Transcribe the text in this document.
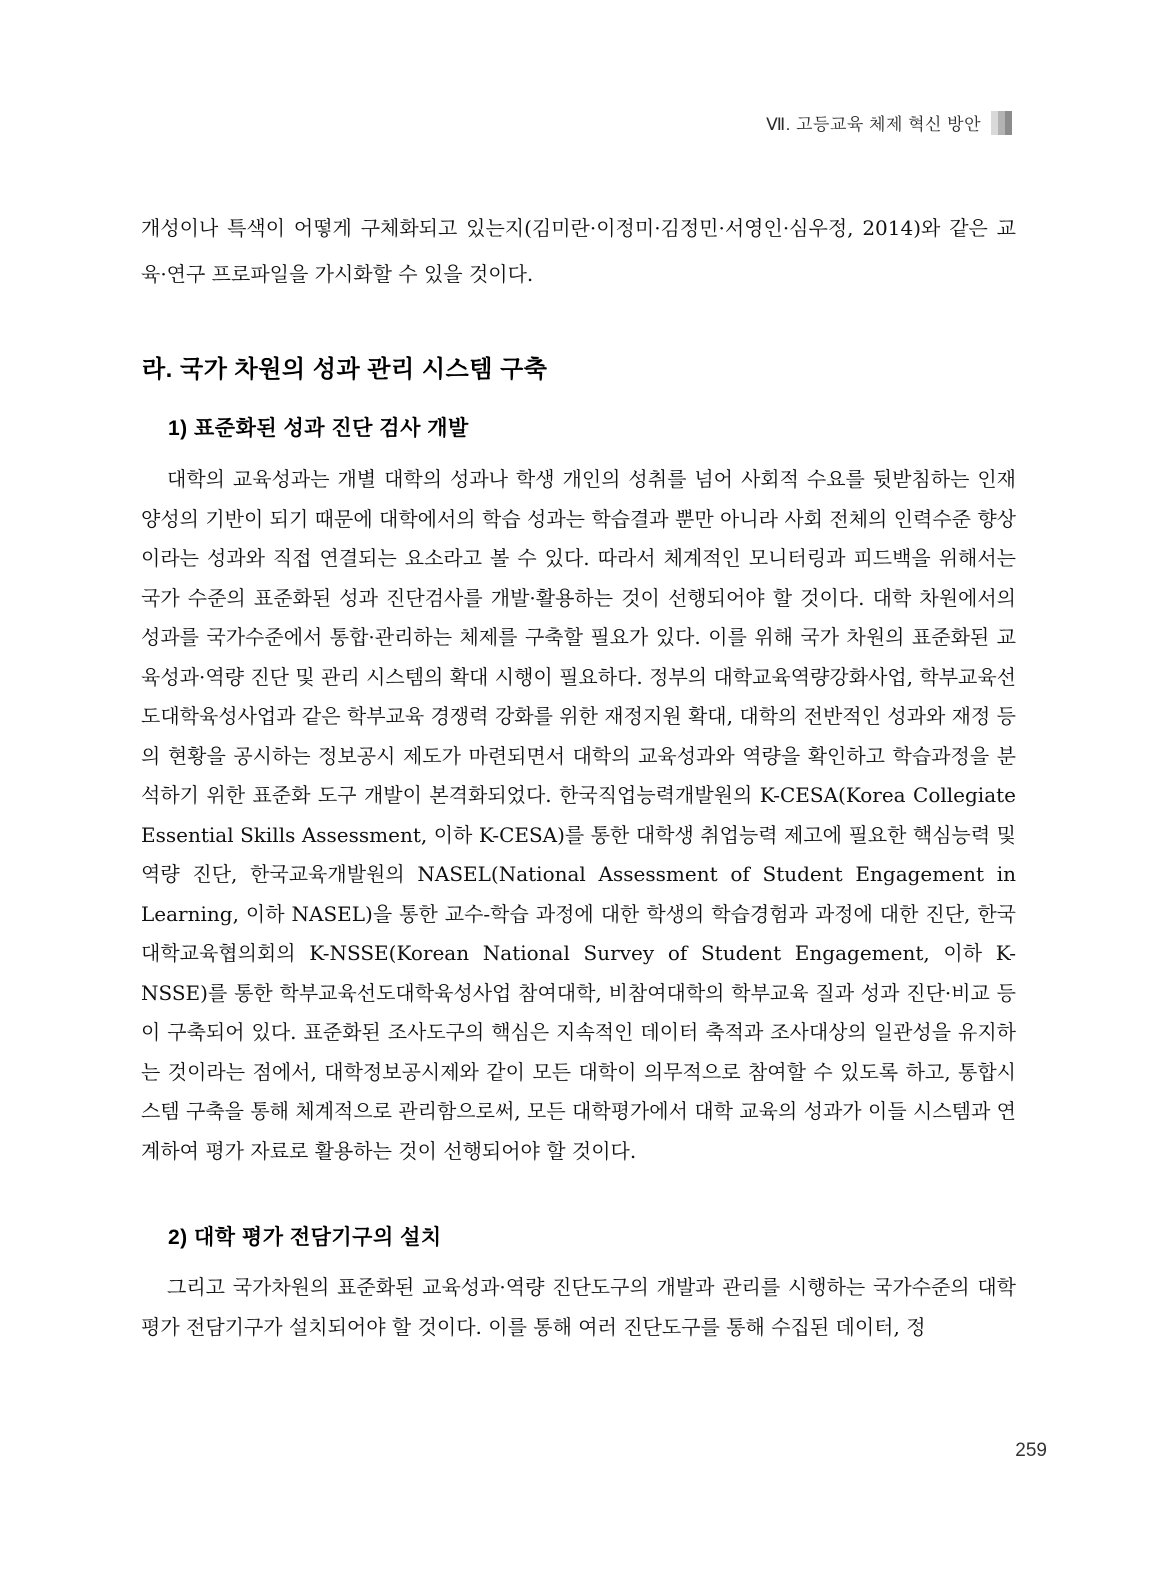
Ⅶ. 고등교육 체제 혁신 방안

개성이나 특색이 어떻게 구체화되고 있는지(김미란·이정미·김정민·서영인·심우정, 2014)와 같은 교육·연구 프로파일을 가시화할 수 있을 것이다.

라. 국가 차원의 성과 관리 시스템 구축
1) 표준화된 성과 진단 검사 개발

대학의 교육성과는 개별 대학의 성과나 학생 개인의 성취를 넘어 사회적 수요를 뒷받침하는 인재 양성의 기반이 되기 때문에 대학에서의 학습 성과는 학습결과 뿐만 아니라 사회 전체의 인력수준 향상이라는 성과와 직접 연결되는 요소라고 볼 수 있다. 따라서 체계적인 모니터링과 피드백을 위해서는 국가 수준의 표준화된 성과 진단검사를 개발·활용하는 것이 선행되어야 할 것이다. 대학 차원에서의 성과를 국가수준에서 통합·관리하는 체제를 구축할 필요가 있다. 이를 위해 국가 차원의 표준화된 교육성과·역량 진단 및 관리 시스템의 확대 시행이 필요하다. 정부의 대학교육역량강화사업, 학부교육선도대학육성사업과 같은 학부교육 경쟁력 강화를 위한 재정지원 확대, 대학의 전반적인 성과와 재정 등의 현황을 공시하는 정보공시 제도가 마련되면서 대학의 교육성과와 역량을 확인하고 학습과정을 분석하기 위한 표준화 도구 개발이 본격화되었다. 한국직업능력개발원의 K-CESA(Korea Collegiate Essential Skills Assessment, 이하 K-CESA)를 통한 대학생 취업능력 제고에 필요한 핵심능력 및 역량 진단, 한국교육개발원의 NASEL(National Assessment of Student Engagement in Learning, 이하 NASEL)을 통한 교수-학습 과정에 대한 학생의 학습경험과 과정에 대한 진단, 한국대학교육협의회의 K-NSSE(Korean National Survey of Student Engagement, 이하 K-NSSE)를 통한 학부교육선도대학육성사업 참여대학, 비참여대학의 학부교육 질과 성과 진단·비교 등이 구축되어 있다. 표준화된 조사도구의 핵심은 지속적인 데이터 축적과 조사대상의 일관성을 유지하는 것이라는 점에서, 대학정보공시제와 같이 모든 대학이 의무적으로 참여할 수 있도록 하고, 통합시스템 구축을 통해 체계적으로 관리함으로써, 모든 대학평가에서 대학 교육의 성과가 이들 시스템과 연계하여 평가 자료로 활용하는 것이 선행되어야 할 것이다.

2) 대학 평가 전담기구의 설치

그리고 국가차원의 표준화된 교육성과·역량 진단도구의 개발과 관리를 시행하는 국가수준의 대학평가 전담기구가 설치되어야 할 것이다. 이를 통해 여러 진단도구를 통해 수집된 데이터, 정

259
